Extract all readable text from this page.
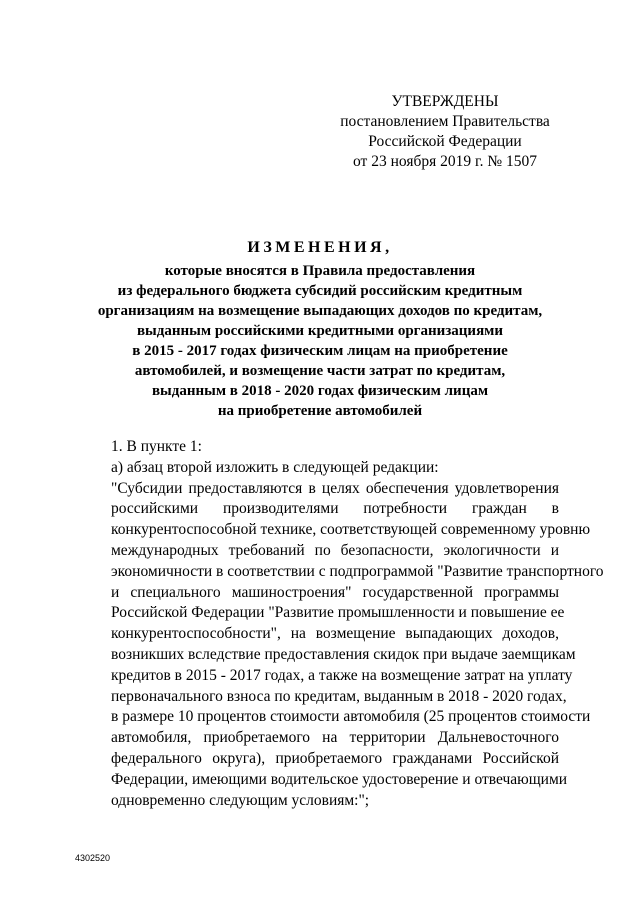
УТВЕРЖДЕНЫ
постановлением Правительства
Российской Федерации
от 23 ноября 2019 г. № 1507
ИЗМЕНЕНИЯ,
которые вносятся в Правила предоставления
из федерального бюджета субсидий российским кредитным
организациям на возмещение выпадающих доходов по кредитам,
выданным российскими кредитными организациями
в 2015 - 2017 годах физическим лицам на приобретение
автомобилей, и возмещение части затрат по кредитам,
выданным в 2018 - 2020 годах физическим лицам
на приобретение автомобилей
1. В пункте 1:
а) абзац второй изложить в следующей редакции:
"Субсидии предоставляются в целях обеспечения удовлетворения
российскими производителями потребности граждан в
конкурентоспособной технике, соответствующей современному уровню
международных требований по безопасности, экологичности и
экономичности в соответствии с подпрограммой "Развитие транспортного
и специального машиностроения" государственной программы
Российской Федерации "Развитие промышленности и повышение ее
конкурентоспособности", на возмещение выпадающих доходов,
возникших вследствие предоставления скидок при выдаче заемщикам
кредитов в 2015 - 2017 годах, а также на возмещение затрат на уплату
первоначального взноса по кредитам, выданным в 2018 - 2020 годах,
в размере 10 процентов стоимости автомобиля (25 процентов стоимости
автомобиля, приобретаемого на территории Дальневосточного
федерального округа), приобретаемого гражданами Российской
Федерации, имеющими водительское удостоверение и отвечающими
одновременно следующим условиям:";
4302520
